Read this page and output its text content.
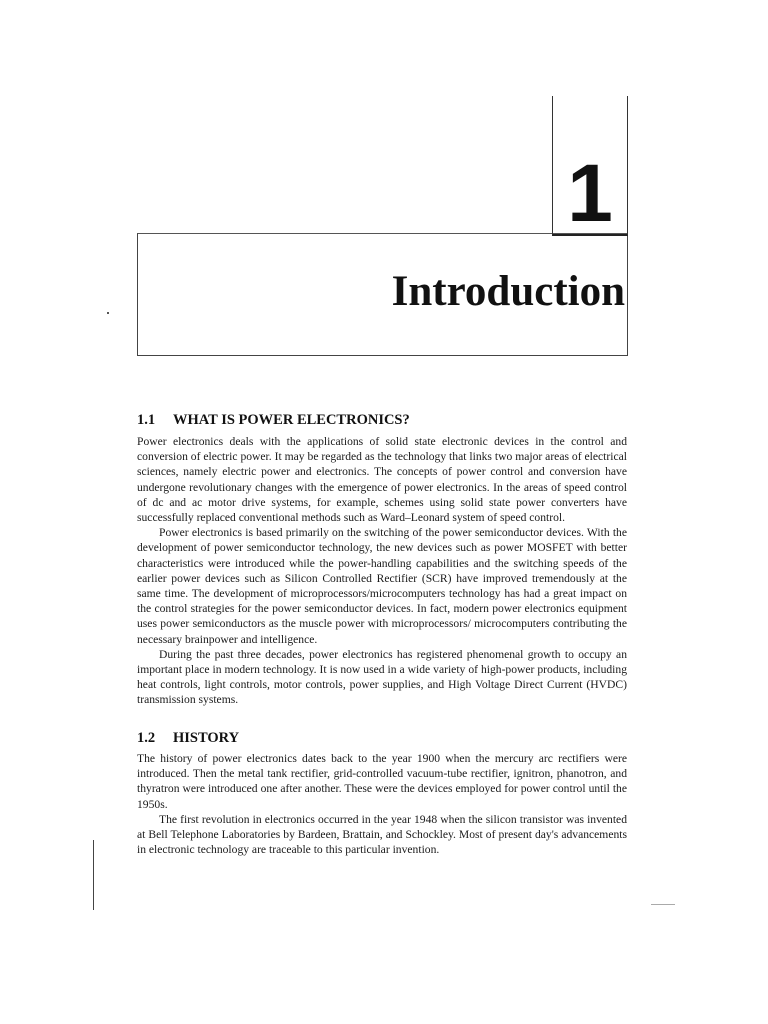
1
Introduction
1.1 WHAT IS POWER ELECTRONICS?

Power electronics deals with the applications of solid state electronic devices in the control and conversion of electric power. It may be regarded as the technology that links two major areas of electrical sciences, namely electric power and electronics. The concepts of power control and conversion have undergone revolutionary changes with the emergence of power electronics. In the areas of speed control of dc and ac motor drive systems, for example, schemes using solid state power converters have successfully replaced conventional methods such as Ward–Leonard system of speed control.

Power electronics is based primarily on the switching of the power semiconductor devices. With the development of power semiconductor technology, the new devices such as power MOSFET with better characteristics were introduced while the power-handling capabilities and the switching speeds of the earlier power devices such as Silicon Controlled Rectifier (SCR) have improved tremendously at the same time. The development of microprocessors/microcomputers technology has had a great impact on the control strategies for the power semiconductor devices. In fact, modern power electronics equipment uses power semiconductors as the muscle power with microprocessors/ microcomputers contributing the necessary brainpower and intelligence.

During the past three decades, power electronics has registered phenomenal growth to occupy an important place in modern technology. It is now used in a wide variety of high-power products, including heat controls, light controls, motor controls, power supplies, and High Voltage Direct Current (HVDC) transmission systems.

1.2 HISTORY

The history of power electronics dates back to the year 1900 when the mercury arc rectifiers were introduced. Then the metal tank rectifier, grid-controlled vacuum-tube rectifier, ignitron, phanotron, and thyratron were introduced one after another. These were the devices employed for power control until the 1950s.

The first revolution in electronics occurred in the year 1948 when the silicon transistor was invented at Bell Telephone Laboratories by Bardeen, Brattain, and Schockley. Most of present day's advancements in electronic technology are traceable to this particular invention.
